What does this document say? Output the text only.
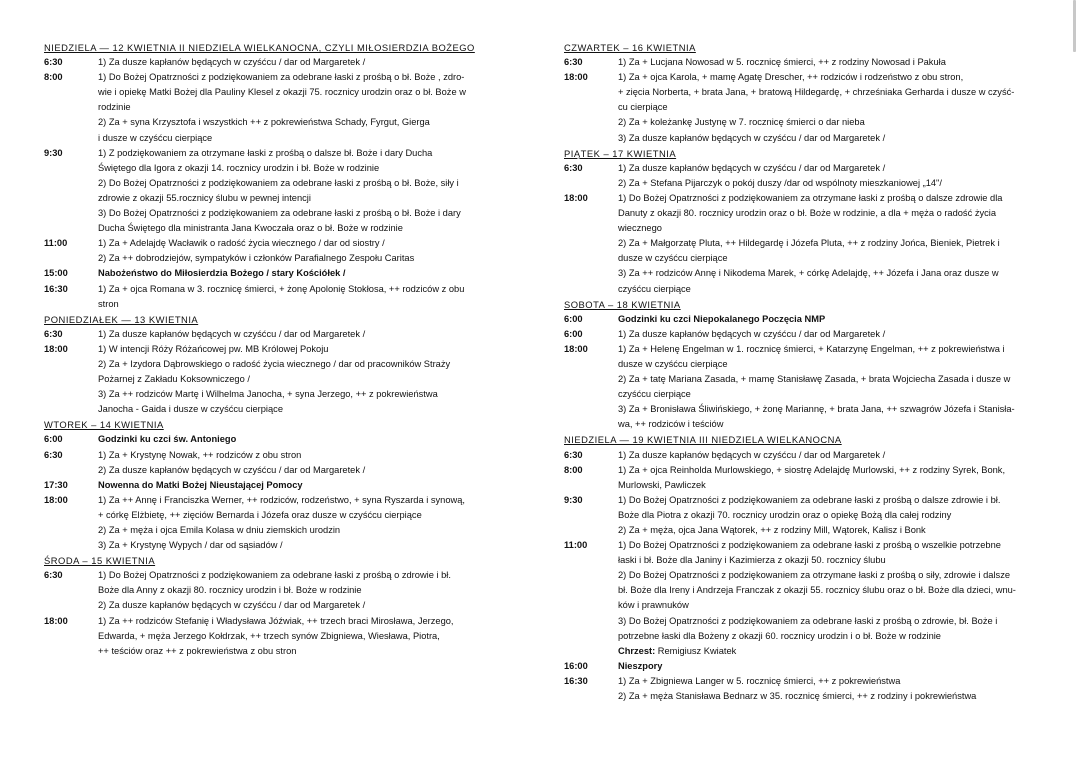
NIEDZIELA — 12 KWIETNIA II NIEDZIELA WIELKANOCNA, CZYLI MIŁOSIERDZIA BOŻEGO
6:30	1) Za dusze kapłanów będących w czyśćcu / dar od Margaretek /
8:00	1) Do Bożej Opatrzności z podziękowaniem za odebrane łaski z prośbą o bł. Boże , zdro-
wie i opiekę Matki Bożej dla Pauliny Klesel z okazji 75. rocznicy urodzin oraz o bł. Boże w
rodzinie
2) Za + syna Krzysztofa i wszystkich ++ z pokrewieństwa Schady, Fyrgut, Gierga
i dusze w czyśćcu cierpiące
9:30	1) Z podziękowaniem za otrzymane łaski z prośbą o dalsze bł. Boże i dary Ducha
Świętego dla Igora z okazji 14. rocznicy urodzin i bł. Boże w rodzinie
2) Do Bożej Opatrzności z podziękowaniem za odebrane łaski z prośbą o bł. Boże, siły i
zdrowie z okazji 55.rocznicy ślubu w pewnej intencji
3) Do Bożej Opatrzności z podziękowaniem za odebrane łaski z prośbą o bł. Boże i dary
Ducha Świętego dla ministranta Jana Kwoczała oraz o bł. Boże w rodzinie
11:00	1) Za + Adelajdę Wacławik o radość życia wiecznego / dar od siostry /
2) Za ++ dobrodziejów, sympatyków i członków Parafialnego Zespołu Caritas
15:00	Nabożeństwo do Miłosierdzia Bożego / stary Kościółek /
16:30	1) Za + ojca Romana w 3. rocznicę śmierci, + żonę Apolonię Stokłosa, ++ rodziców z obu
stron
PONIEDZIAŁEK — 13 KWIETNIA
6:30	1) Za dusze kapłanów będących w czyśćcu / dar od Margaretek /
18:00	1) W intencji Róży Różańcowej pw. MB Królowej Pokoju
2) Za + Izydora Dąbrowskiego o radość życia wiecznego / dar od pracowników Straży
Pożarnej z Zakładu Koksowniczego /
3) Za ++ rodziców Martę i Wilhelma Janocha, + syna Jerzego, ++ z pokrewieństwa
Janocha - Gaida i dusze w czyśćcu cierpiące
WTOREK – 14 KWIETNIA
6:00	Godzinki ku czci św. Antoniego
6:30	1) Za + Krystynę Nowak, ++ rodziców z obu stron
2) Za dusze kapłanów będących w czyśćcu / dar od Margaretek /
17:30	Nowenna do Matki Bożej Nieustającej Pomocy
18:00	1) Za ++ Annę i Franciszka Werner, ++ rodziców, rodzeństwo, + syna Ryszarda i synową,
+ córkę Elżbietę, ++ zięciów Bernarda i Józefa oraz dusze w czyśćcu cierpiące
2) Za + męża i ojca Emila Kolasa w dniu ziemskich urodzin
3) Za + Krystynę Wypych / dar od sąsiadów /
ŚRODA – 15 KWIETNIA
6:30	1) Do Bożej Opatrzności z podziękowaniem za odebrane łaski z prośbą o zdrowie i bł.
Boże dla Anny z okazji 80. rocznicy urodzin i bł. Boże w rodzinie
2) Za dusze kapłanów będących w czyśćcu / dar od Margaretek /
18:00	1) Za ++ rodziców Stefanię i Władysława Jóźwiak, ++ trzech braci Mirosława, Jerzego,
Edwarda, + męża Jerzego Kołdrzak, ++ trzech synów Zbigniewa, Wiesława, Piotra,
++ teściów oraz ++ z pokrewieństwa z obu stron
CZWARTEK – 16 KWIETNIA
6:30	1) Za + Lucjana Nowosad w 5. rocznicę śmierci, ++ z rodziny Nowosad i Pakuła
18:00	1) Za + ojca Karola, + mamę Agatę Drescher, ++ rodziców i rodzeństwo z obu stron,
+ zięcia Norberta, + brata Jana, + bratową Hildegardę, + chrześniaka Gerharda i dusze w czyść-
cu cierpiące
2) Za + koleżankę Justynę w 7. rocznicę śmierci o dar nieba
3) Za dusze kapłanów będących w czyśćcu / dar od Margaretek /
PIĄTEK – 17 KWIETNIA
6:30	1) Za dusze kapłanów będących w czyśćcu / dar od Margaretek /
2) Za + Stefana Pijarczyk o pokój duszy /dar od wspólnoty mieszkaniowej „14"/
18:00	1) Do Bożej Opatrzności z podziękowaniem za otrzymane łaski z prośbą o dalsze zdrowie dla
Danuty z okazji 80. rocznicy urodzin oraz o bł. Boże w rodzinie, a dla + męża o radość życia
wiecznego
2) Za + Małgorzatę Pluta, ++ Hildegardę i Józefa Pluta, ++ z rodziny Jońca, Bieniek, Pietrek i
dusze w czyśćcu cierpiące
3) Za ++ rodziców Annę i Nikodema Marek, + córkę Adelajdę, ++ Józefa i Jana oraz dusze w
czyśćcu cierpiące
SOBOTA – 18 KWIETNIA
6:00	Godzinki ku czci Niepokalanego Poczęcia NMP
6:00	1) Za dusze kapłanów będących w czyśćcu / dar od Margaretek /
18:00	1) Za + Helenę Engelman w 1. rocznicę śmierci, + Katarzynę Engelman, ++ z pokrewieństwa i
dusze w czyśćcu cierpiące
2) Za + tatę Mariana Zasada, + mamę Stanisławę Zasada, + brata Wojciecha Zasada i dusze w
czyśćcu cierpiące
3) Za + Bronisława Śliwińskiego, + żonę Mariannę, + brata Jana, ++ szwagrów Józefa i Stanisła-
wa, ++ rodziców i teściów
NIEDZIELA — 19 KWIETNIA III NIEDZIELA WIELKANOCNA
6:30	1) Za dusze kapłanów będących w czyśćcu / dar od Margaretek /
8:00	1) Za + ojca Reinholda Murlowskiego, + siostrę Adelajdę Murlowski, ++ z rodziny Syrek, Bonk,
Murlowski, Pawliczek
9:30	1) Do Bożej Opatrzności z podziękowaniem za odebrane łaski z prośbą o dalsze zdrowie i bł.
Boże dla Piotra z okazji 70. rocznicy urodzin oraz o opiekę Bożą dla całej rodziny
2) Za + męża, ojca Jana Wątorek, ++ z rodziny Mill, Wątorek, Kalisz i Bonk
11:00	1) Do Bożej Opatrzności z podziękowaniem za odebrane łaski z prośbą o wszelkie potrzebne
łaski i bł. Boże dla Janiny i Kazimierza z okazji 50. rocznicy ślubu
2) Do Bożej Opatrzności z podziękowaniem za otrzymane łaski z prośbą o siły, zdrowie i dalsze
bł. Boże dla Ireny i Andrzeja Franczak z okazji 55. rocznicy ślubu oraz o bł. Boże dla dzieci, wnu-
ków i prawnuków
3) Do Bożej Opatrzności z podziękowaniem za odebrane łaski z prośbą o zdrowie, bł. Boże i
potrzebne łaski dla Bożeny z okazji 60. rocznicy urodzin i o bł. Boże w rodzinie
Chrzest: Remigiusz Kwiatek
16:00	Nieszpory
16:30	1) Za + Zbigniewa Langer w 5. rocznicę śmierci, ++ z pokrewieństwa
2) Za + męża Stanisława Bednarz w 35. rocznicę śmierci, ++ z rodziny i pokrewieństwa
